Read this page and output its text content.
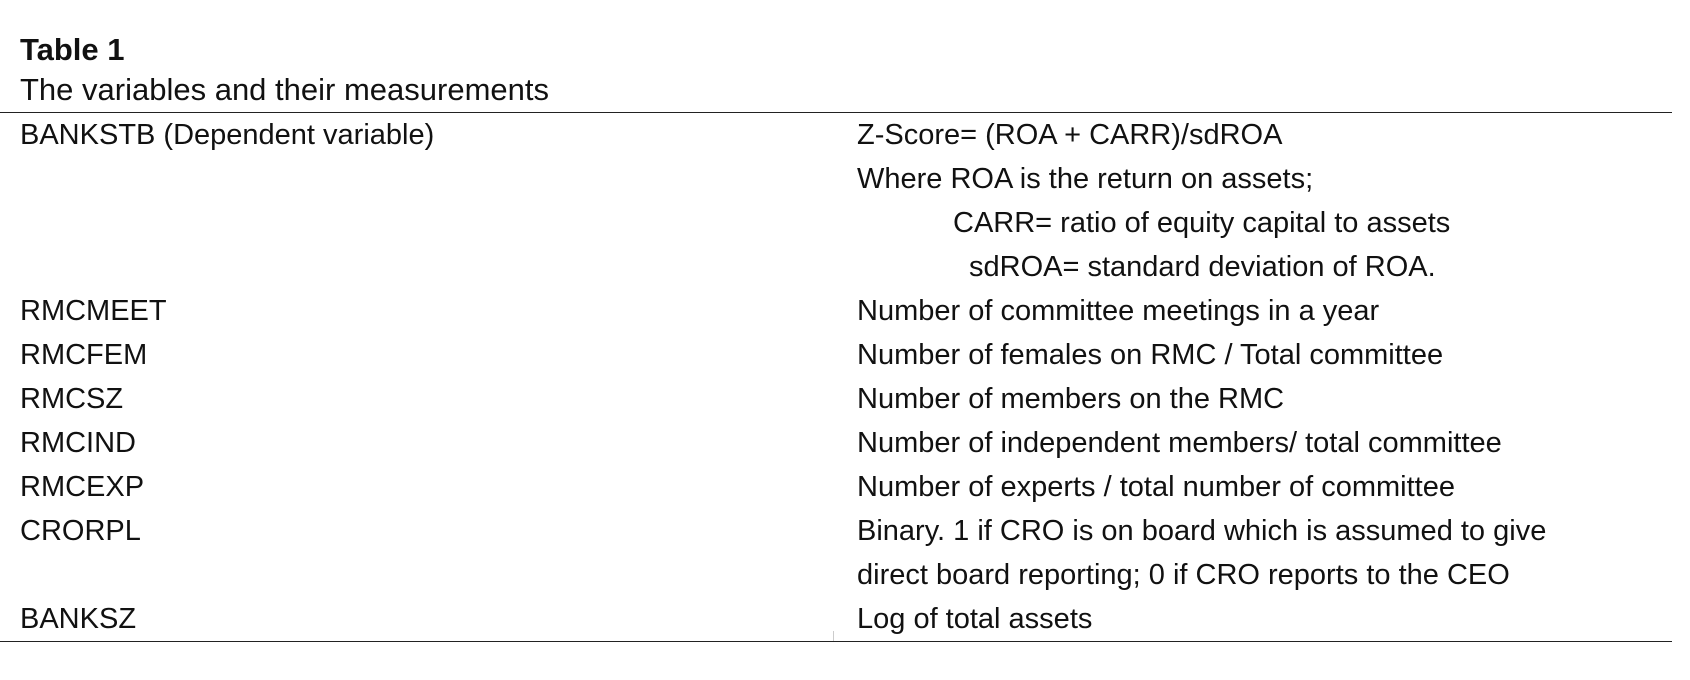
Table 1
The variables and their measurements
BANKSTB (Dependent variable)	Z-Score= (ROA + CARR)/sdROA
Where ROA is the return on assets;
CARR= ratio of equity capital to assets
sdROA= standard deviation of ROA.
RMCMEET	Number of committee meetings in a year
RMCFEM	Number of females on RMC / Total committee
RMCSZ	Number of members on the RMC
RMCIND	Number of independent members/ total committee
RMCEXP	Number of experts / total number of committee
CRORPL	Binary. 1 if CRO is on board which is assumed to give
direct board reporting; 0 if CRO reports to the CEO
BANKSZ	Log of total assets
